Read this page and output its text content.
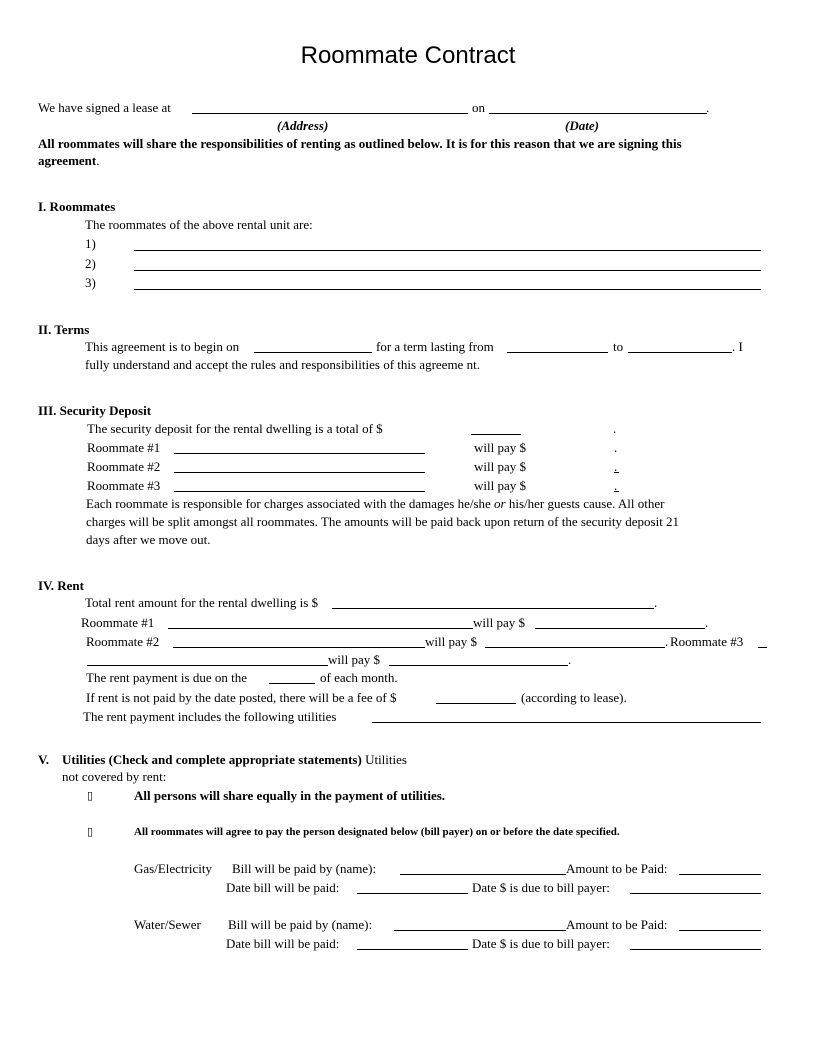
Roommate Contract
We have signed a lease at	on	.
(Address)	(Date)
All roommates will share the responsibilities of renting as outlined below. It is for this reason that we are signing this
agreement.
I. Roommates
The roommates of the above rental unit are:
1)
2)
3)
II. Terms
This agreement is to begin on	for a term lasting from	to	. I
fully understand and accept the rules and responsibilities of this agreeme nt.
III. Security Deposit
The security deposit for the rental dwelling is a total of $	.
Roommate #1	will pay $	.
Roommate #2	will pay $	.
Roommate #3	will pay $	.
Each roommate is responsible for charges associated with the damages he/she or his/her guests cause. All other
charges will be split amongst all roommates. The amounts will be paid back upon return of the security deposit 21
days after we move out.
IV. Rent
Total rent amount for the rental dwelling is $	.
Roommate #1	will pay $	.
Roommate #2	will pay $	. Roommate #3
will pay $	.
The rent payment is due on the	of each month.
If rent is not paid by the date posted, there will be a fee of $	(according to lease).
The rent payment includes the following utilities
V. Utilities (Check and complete appropriate statements) Utilities
not covered by rent:
▯	All persons will share equally in the payment of utilities.
▯	All roommates will agree to pay the person designated below (bill payer) on or before the date specified.
Gas/Electricity Bill will be paid by (name):	Amount to be Paid:
Date bill will be paid:	Date $ is due to bill payer:
Water/Sewer Bill will be paid by (name):	Amount to be Paid:
Date bill will be paid:	Date $ is due to bill payer:
